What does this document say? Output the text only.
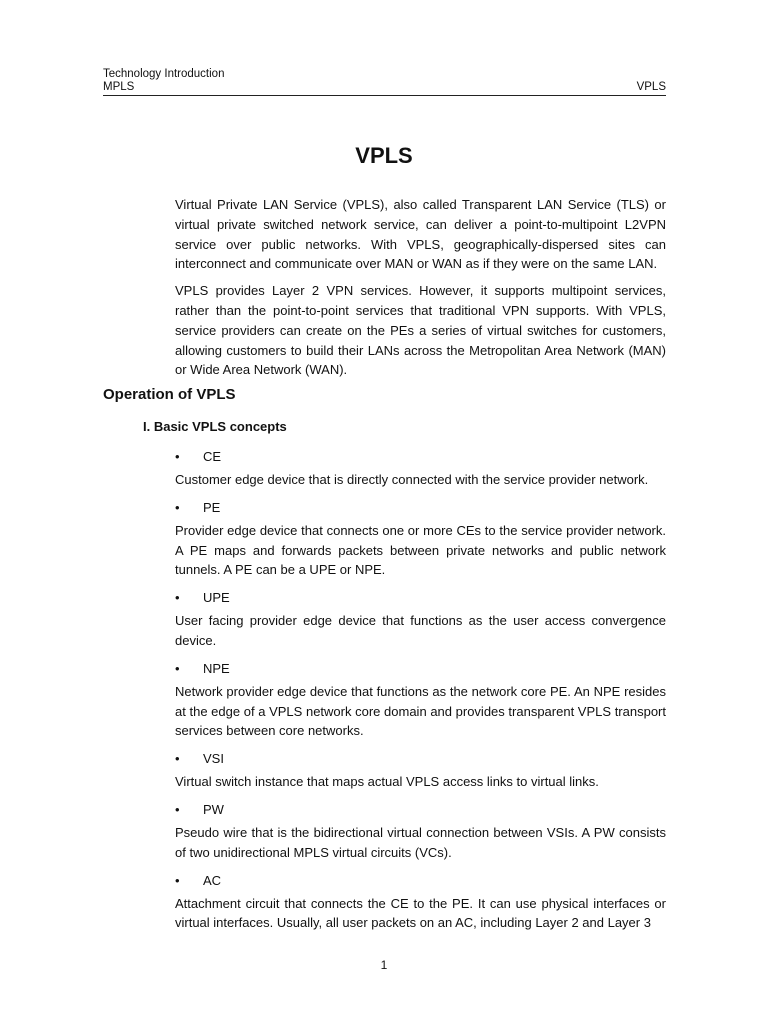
Technology Introduction
MPLS	VPLS
VPLS

Virtual Private LAN Service (VPLS), also called Transparent LAN Service (TLS) or virtual private switched network service, can deliver a point-to-multipoint L2VPN service over public networks. With VPLS, geographically-dispersed sites can interconnect and communicate over MAN or WAN as if they were on the same LAN.

VPLS provides Layer 2 VPN services. However, it supports multipoint services, rather than the point-to-point services that traditional VPN supports. With VPLS, service providers can create on the PEs a series of virtual switches for customers, allowing customers to build their LANs across the Metropolitan Area Network (MAN) or Wide Area Network (WAN).

Operation of VPLS
I. Basic VPLS concepts
•	CE

Customer edge device that is directly connected with the service provider network.

•	PE

Provider edge device that connects one or more CEs to the service provider network. A PE maps and forwards packets between private networks and public network tunnels. A PE can be a UPE or NPE.

•	UPE

User facing provider edge device that functions as the user access convergence device.

•	NPE

Network provider edge device that functions as the network core PE. An NPE resides at the edge of a VPLS network core domain and provides transparent VPLS transport services between core networks.

•	VSI

Virtual switch instance that maps actual VPLS access links to virtual links.

•	PW

Pseudo wire that is the bidirectional virtual connection between VSIs. A PW consists of two unidirectional MPLS virtual circuits (VCs).

•	AC

Attachment circuit that connects the CE to the PE. It can use physical interfaces or virtual interfaces. Usually, all user packets on an AC, including Layer 2 and Layer 3

1
